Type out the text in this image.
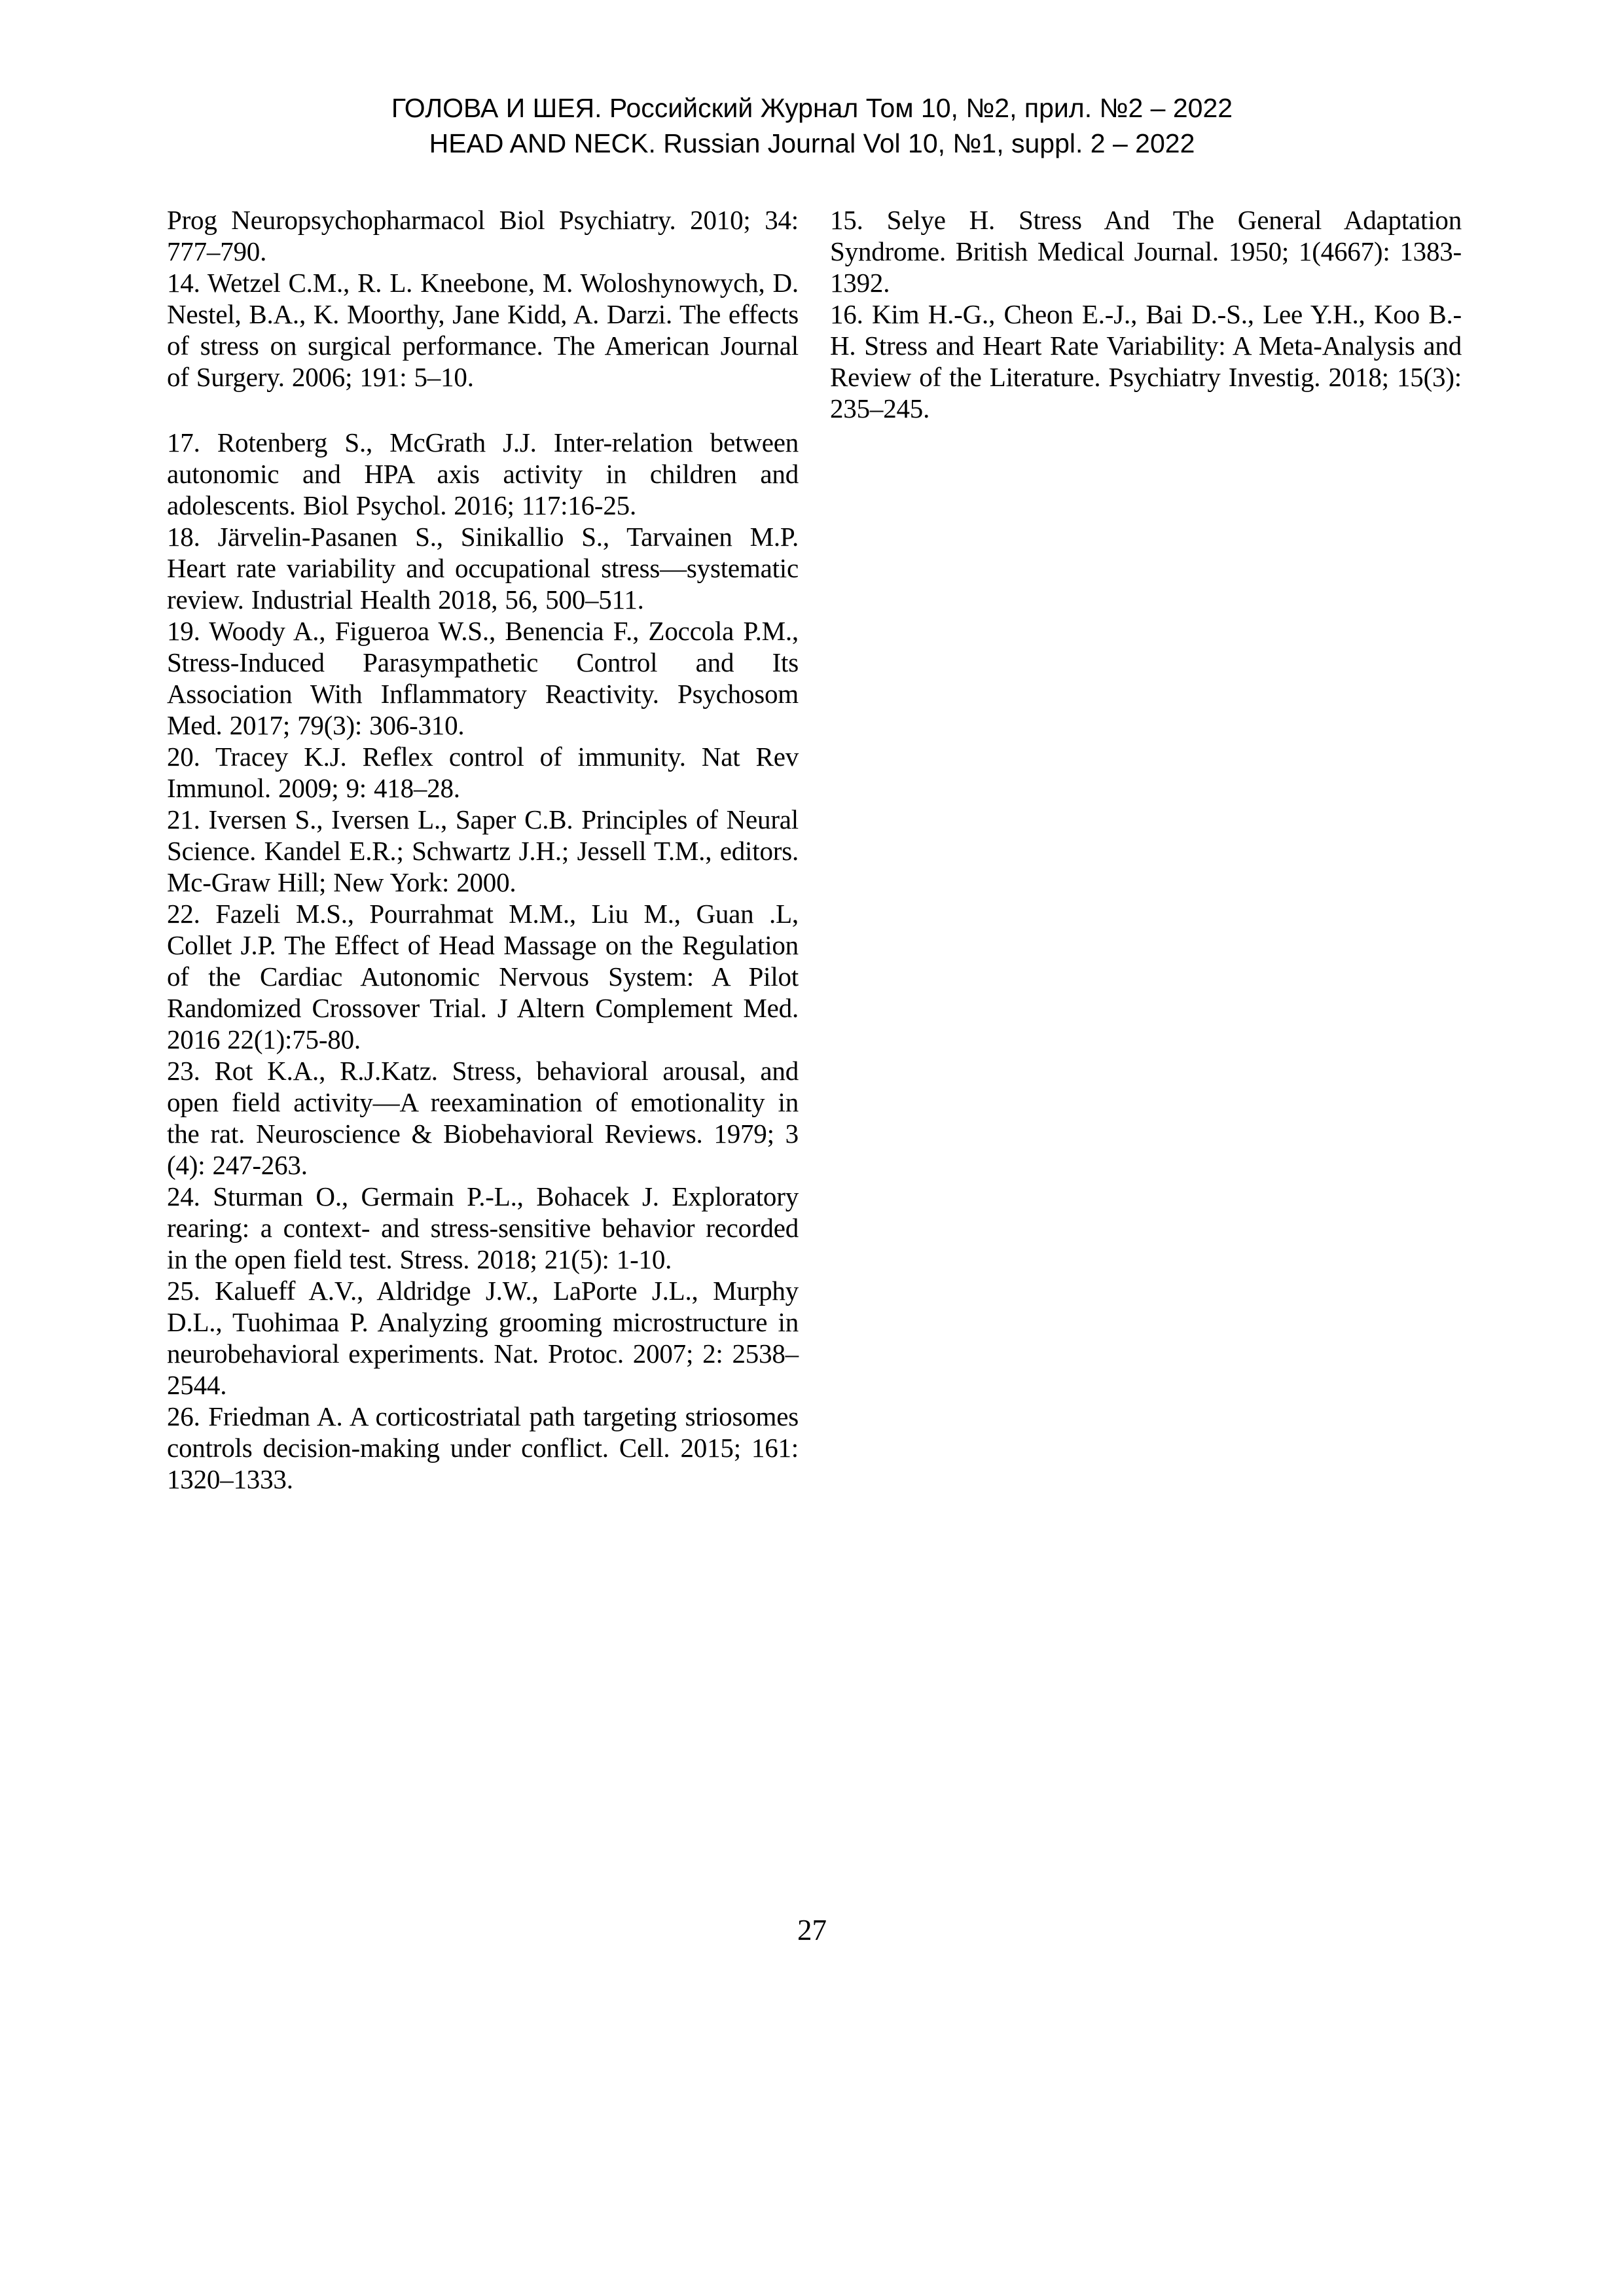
ГОЛОВА И ШЕЯ. Российский Журнал Том 10, №2, прил. №2 – 2022
HEAD AND NECK. Russian Journal Vol 10, №1, suppl. 2 – 2022

Prog Neuropsychopharmacol Biol Psychiatry. 2010; 34: 777–790.

14. Wetzel C.M., R. L. Kneebone, M. Woloshynowych, D. Nestel, B.A., K. Moorthy, Jane Kidd, A. Darzi. The effects of stress on surgical performance. The American Journal of Surgery. 2006; 191: 5–10.

17. Rotenberg S., McGrath J.J. Inter-relation between autonomic and HPA axis activity in children and adolescents. Biol Psychol. 2016; 117:16-25.

18. Järvelin-Pasanen S., Sinikallio S., Tarvainen M.P. Heart rate variability and occupational stress—systematic review. Industrial Health 2018, 56, 500–511.

19. Woody A., Figueroa W.S., Benencia F., Zoccola P.M., Stress-Induced Parasympathetic Control and Its Association With Inflammatory Reactivity. Psychosom Med. 2017; 79(3): 306-310.

20. Tracey K.J. Reflex control of immunity. Nat Rev Immunol. 2009; 9: 418–28.

21. Iversen S., Iversen L., Saper C.B. Principles of Neural Science. Kandel E.R.; Schwartz J.H.; Jessell T.M., editors. Mc-Graw Hill; New York: 2000.

22. Fazeli M.S., Pourrahmat M.M., Liu M., Guan .L, Collet J.P. The Effect of Head Massage on the Regulation of the Cardiac Autonomic Nervous System: A Pilot Randomized Crossover Trial. J Altern Complement Med. 2016 22(1):75-80.

23. Rot K.A., R.J.Katz. Stress, behavioral arousal, and open field activity—A reexamination of emotionality in the rat. Neuroscience & Biobehavioral Reviews. 1979; 3 (4): 247-263.

24. Sturman O., Germain P.-L., Bohacek J. Exploratory rearing: a context- and stress-sensitive behavior recorded in the open field test. Stress. 2018; 21(5): 1-10.

25. Kalueff A.V., Aldridge J.W., LaPorte J.L., Murphy D.L., Tuohimaa P. Analyzing grooming microstructure in neurobehavioral experiments. Nat. Protoc. 2007; 2: 2538–2544.

26. Friedman A. A corticostriatal path targeting striosomes controls decision-making under conflict. Cell. 2015; 161: 1320–1333.

15. Selye H. Stress And The General Adaptation Syndrome. British Medical Journal. 1950; 1(4667): 1383-1392.

16. Kim H.-G., Cheon E.-J., Bai D.-S., Lee Y.H., Koo B.-H. Stress and Heart Rate Variability: A Meta-Analysis and Review of the Literature. Psychiatry Investig. 2018; 15(3): 235–245.

27
